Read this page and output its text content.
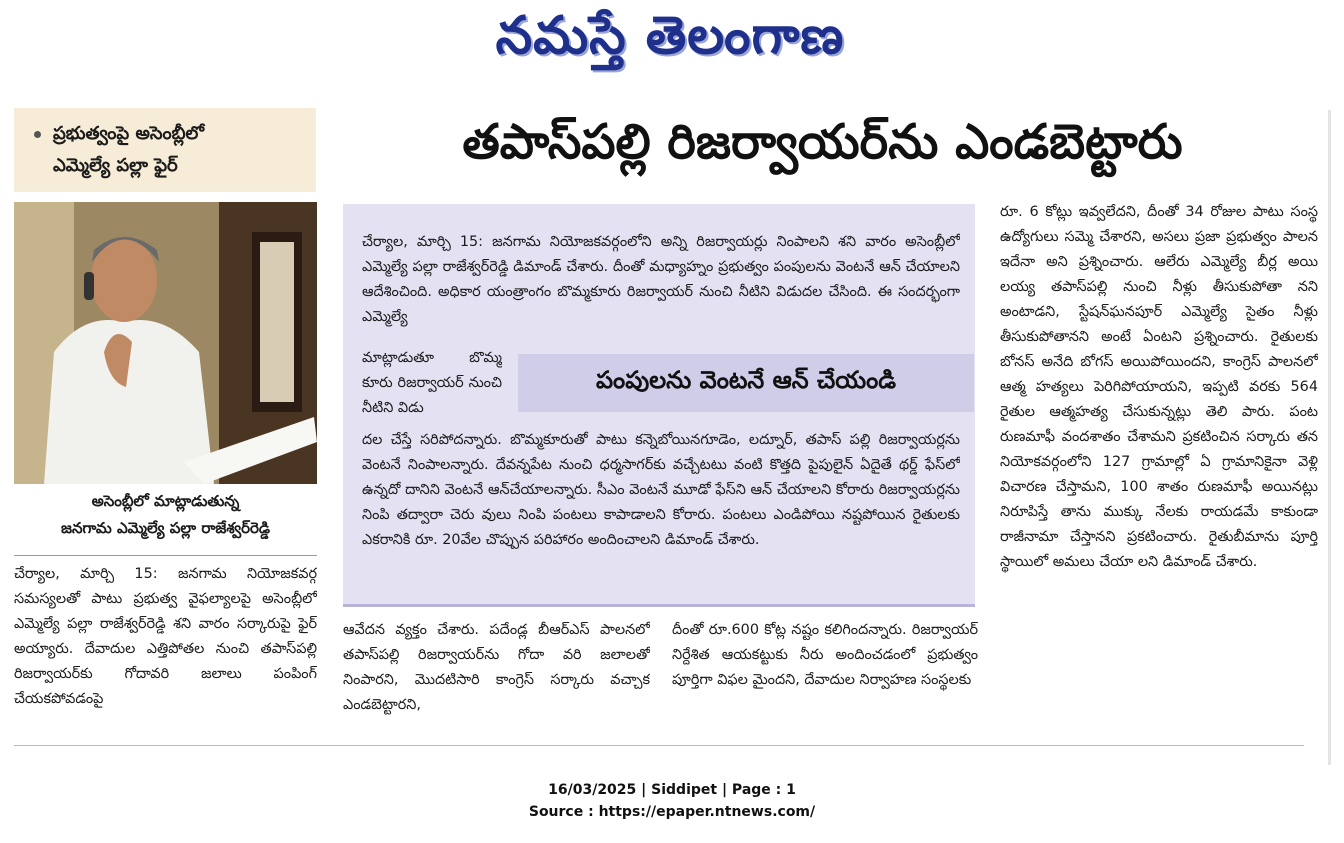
నమస్తే తెలంగాణ
ప్రభుత్వంపై అసెంబ్లీలో
ఎమ్మెల్యే పల్లా ఫైర్	తపాస్‌పల్లి రిజర్వాయర్‌ను ఎండబెట్టారు
అసెంబ్లీలో మాట్లాడుతున్న
జనగామ ఎమ్మెల్యే పల్లా రాజేశ్వర్‌రెడ్డి

చేర్యాల, మార్చి 15: జనగామ నియోజకవర్గ సమస్యలతో పాటు ప్రభుత్వ వైఫల్యాలపై అసెంబ్లీలో ఎమ్మెల్యే పల్లా రాజేశ్వర్‌రెడ్డి శని వారం సర్కారుపై ఫైర్ అయ్యారు. దేవాదుల ఎత్తిపోతల నుంచి తపాస్‌పల్లి రిజర్వాయర్‌కు గోదావరి జలాలు పంపింగ్ చేయకపోవడంపై

చేర్యాల, మార్చి 15: జనగామ నియోజకవర్గంలోని అన్ని రిజర్వాయర్లు నింపాలని శని వారం అసెంబ్లీలో ఎమ్మెల్యే పల్లా రాజేశ్వర్‌రెడ్డి డిమాండ్ చేశారు. దీంతో మధ్యాహ్నం ప్రభుత్వం పంపులను వెంటనే ఆన్ చేయాలని ఆదేశించింది. అధికార యంత్రాంగం బొమ్మకూరు రిజర్వాయర్ నుంచి నీటిని విడుదల చేసింది. ఈ సందర్భంగా ఎమ్మెల్యే

మాట్లాడుతూ బొమ్మ కూరు రిజర్వాయర్ నుంచి నీటిని విడు

పంపులను వెంటనే ఆన్ చేయండి

దల చేస్తే సరిపోదన్నారు. బొమ్మకూరుతో పాటు కన్నెబోయినగూడెం, లద్నూర్, తపాస్ పల్లి రిజర్వాయర్లను వెంటనే నింపాలన్నారు. దేవన్నపేట నుంచి ధర్మసాగర్‌కు వచ్చేటటు వంటి కొత్తది పైపులైన్ ఏదైతే థర్డ్ ఫేస్‌లో ఉన్నదో దానిని వెంటనే ఆన్‌చేయాలన్నారు. సీఎం వెంటనే మూడో ఫేస్‌ని ఆన్ చేయాలని కోరారు రిజర్వాయర్లను నింపి తద్వారా చెరు వులు నింపి పంటలు కాపాడాలని కోరారు. పంటలు ఎండిపోయి నష్టపోయిన రైతులకు ఎకరానికి రూ. 20వేల చొప్పున పరిహారం అందించాలని డిమాండ్ చేశారు.

ఆవేదన వ్యక్తం చేశారు. పదేండ్ల బీఆర్‌ఎస్ పాలనలో తపాస్‌పల్లి రిజర్వాయర్‌ను గోదా వరి జలాలతో నింపారని, మొదటిసారి కాంగ్రెస్ సర్కారు వచ్చాక ఎండబెట్టారని,

దీంతో రూ.600 కోట్ల నష్టం కలిగిందన్నారు. రిజర్వాయర్ నిర్దేశిత ఆయకట్టుకు నీరు అందించడంలో ప్రభుత్వం పూర్తిగా విఫల మైందని, దేవాదుల నిర్వాహణ సంస్థలకు

రూ. 6 కోట్లు ఇవ్వలేదని, దీంతో 34 రోజుల పాటు సంస్థ ఉద్యోగులు సమ్మె చేశారని, అసలు ప్రజా ప్రభుత్వం పాలన ఇదేనా అని ప్రశ్నించారు. ఆలేరు ఎమ్మెల్యే బీర్ల అయి లయ్య తపాస్‌పల్లి నుంచి నీళ్లు తీసుకుపోతా నని అంటాడని, స్టేషన్‌ఘనపూర్ ఎమ్మెల్యే సైతం నీళ్లు తీసుకుపోతానని అంటే ఏంటని ప్రశ్నించారు. రైతులకు బోనస్ అనేది బోగస్ అయిపోయిందని, కాంగ్రెస్ పాలనలో ఆత్మ హత్యలు పెరిగిపోయాయని, ఇప్పటి వరకు 564 రైతుల ఆత్మహత్య చేసుకున్నట్లు తెలి పారు. పంట రుణమాఫీ వందశాతం చేశామని ప్రకటించిన సర్కారు తన నియోకవర్గంలోని 127 గ్రామాల్లో ఏ గ్రామానికైనా వెళ్లి విచారణ చేస్తామని, 100 శాతం రుణమాఫీ అయినట్లు నిరూపిస్తే తాను ముక్కు నేలకు రాయడమే కాకుండా రాజీనామా చేస్తానని ప్రకటించారు. రైతుబీమాను పూర్తి స్థాయిలో అమలు చేయా లని డిమాండ్ చేశారు.

16/03/2025 | Siddipet | Page : 1
Source : https://epaper.ntnews.com/
